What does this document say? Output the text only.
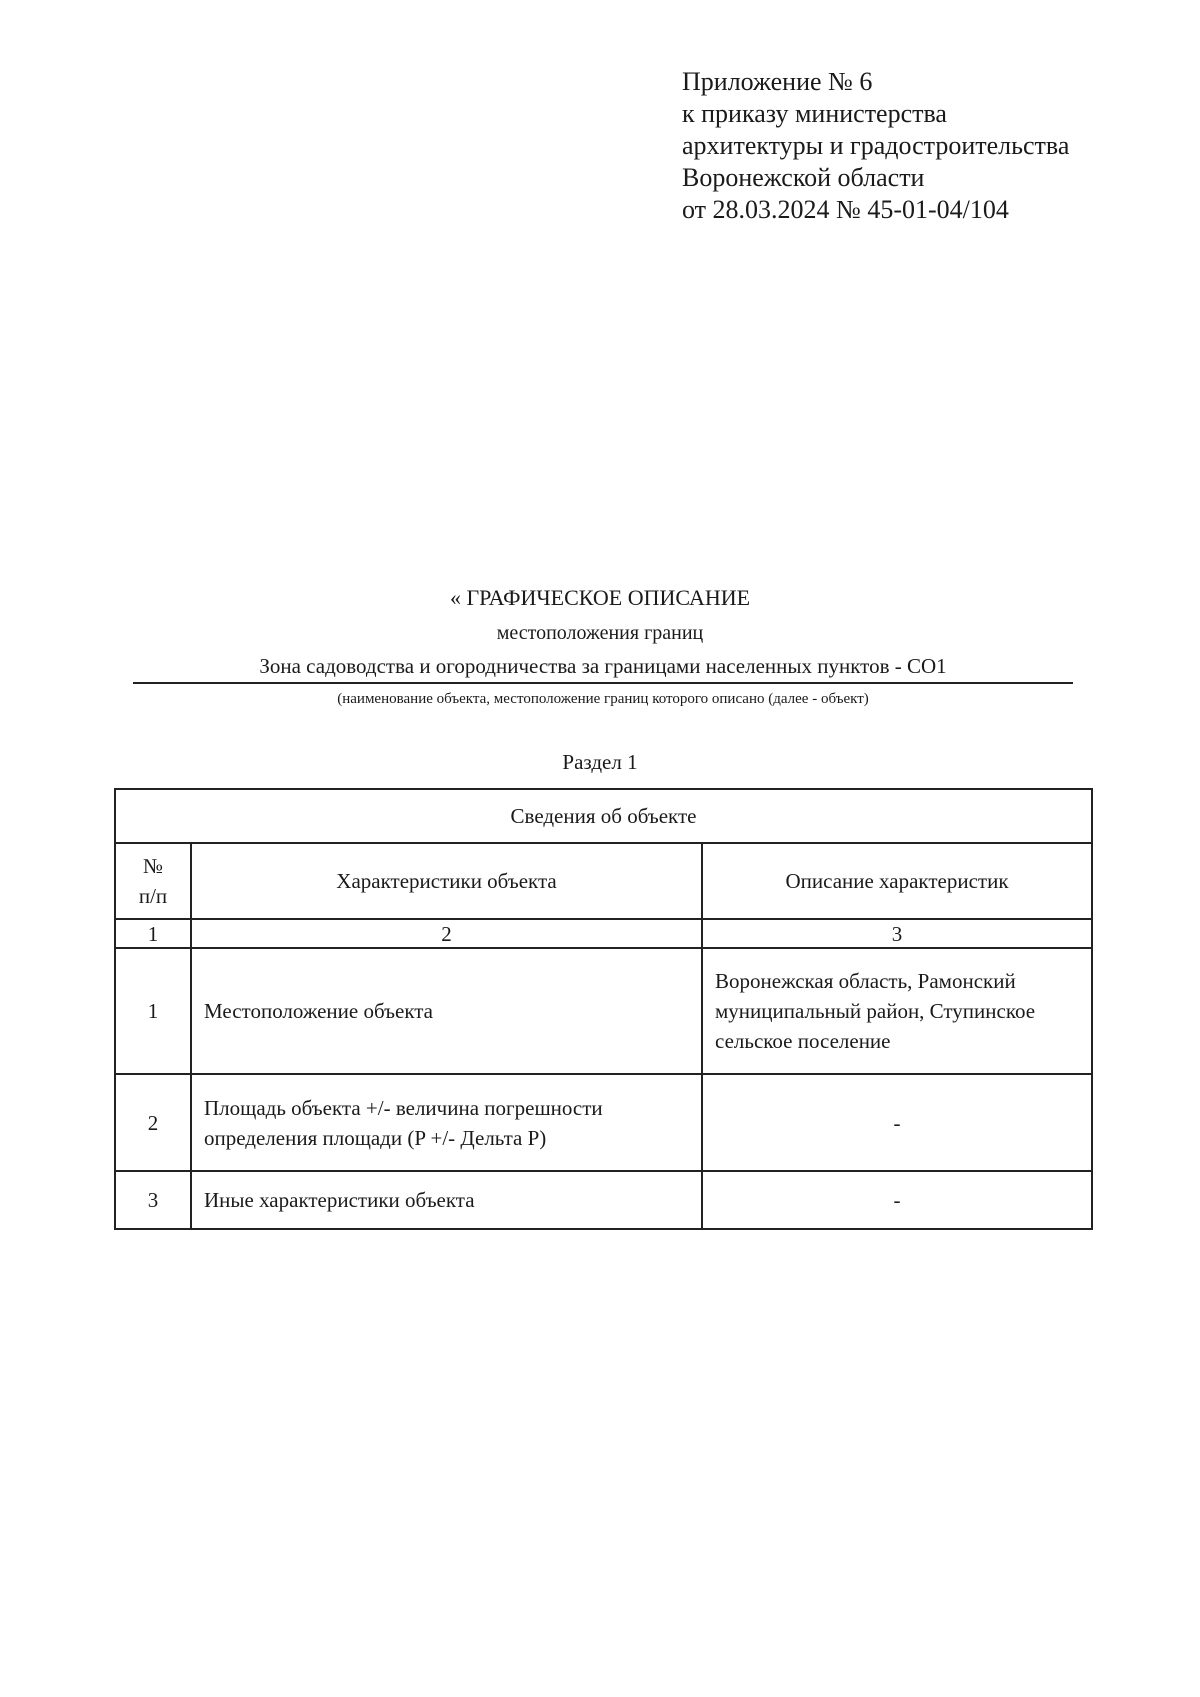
Приложение № 6
к приказу министерства
архитектуры и градостроительства
Воронежской области
от 28.03.2024 № 45-01-04/104
« ГРАФИЧЕСКОЕ ОПИСАНИЕ
местоположения границ
Зона садоводства и огородничества за границами населенных пунктов - СО1
(наименование объекта, местоположение границ которого описано (далее - объект)
Раздел 1
Сведения об объекте		

№
п/п	Характеристики объекта	Описание характеристик
1	2	3
1	Местоположение объекта	Воронежская область, Рамонский муниципальный район, Ступинское сельское поселение
2	Площадь объекта +/- величина погрешности определения площади (P +/- Дельта P)	-
3	Иные характеристики объекта	-
